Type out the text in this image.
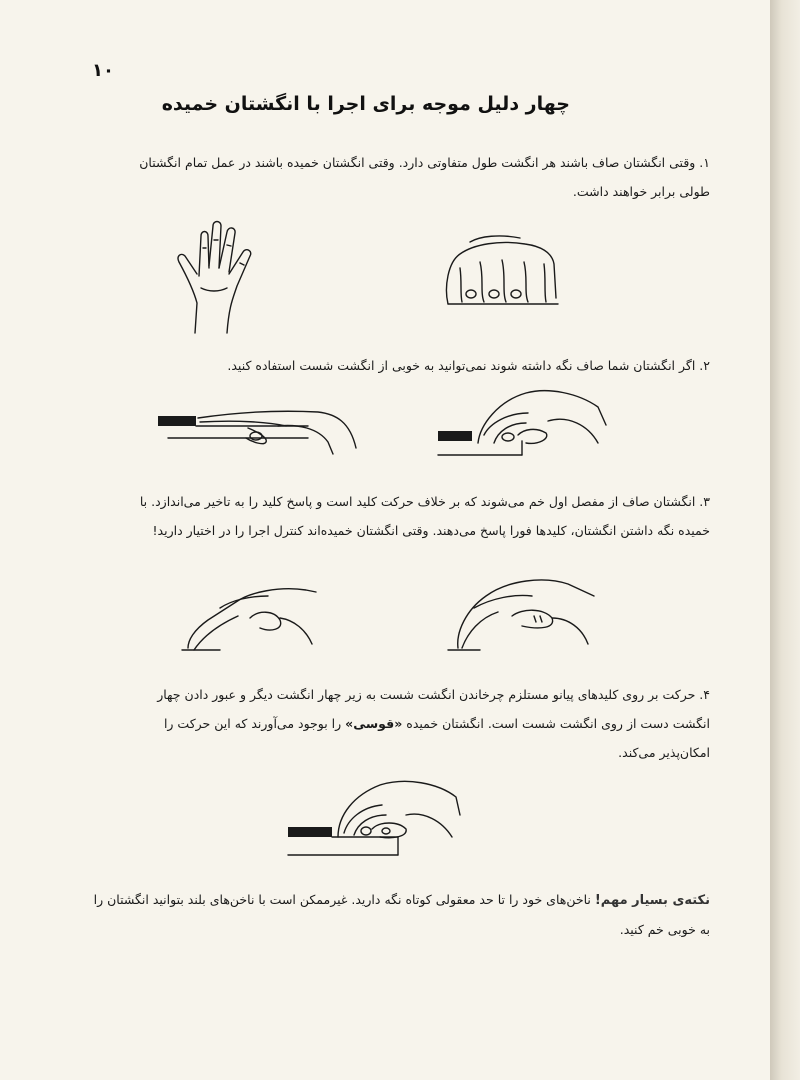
۱۰
چهار دلیل موجه برای اجرا با انگشتان خمیده
۱. وقتی انگشتان صاف باشند هر انگشت طول متفاوتی دارد. وقتی انگشتان خمیده باشند در عمل تمام انگشتان
طولی برابر خواهند داشت.
۲. اگر انگشتان شما صاف نگه داشته شوند نمی‌توانید به خوبی از انگشت شست استفاده کنید.
۳. انگشتان صاف از مفصل اول خم می‌شوند که بر خلاف حرکت کلید است و پاسخ کلید را به تاخیر می‌اندازد. با
خمیده نگه داشتن انگشتان، کلیدها فورا پاسخ می‌دهند. وقتی انگشتان خمیده‌اند کنترل اجرا را در اختیار دارید!
۴. حرکت بر روی کلیدهای پیانو مستلزم چرخاندن انگشت شست به زیر چهار انگشت دیگر و عبور دادن چهار
انگشت دست از روی انگشت شست است. انگشتان خمیده «قوسی» را بوجود می‌آورند که این حرکت را
امکان‌پذیر می‌کند.
نکته‌ی بسیار مهم! ناخن‌های خود را تا حد معقولی کوتاه نگه دارید. غیرممکن است با ناخن‌های بلند بتوانید انگشتان را
به خوبی خم کنید.
